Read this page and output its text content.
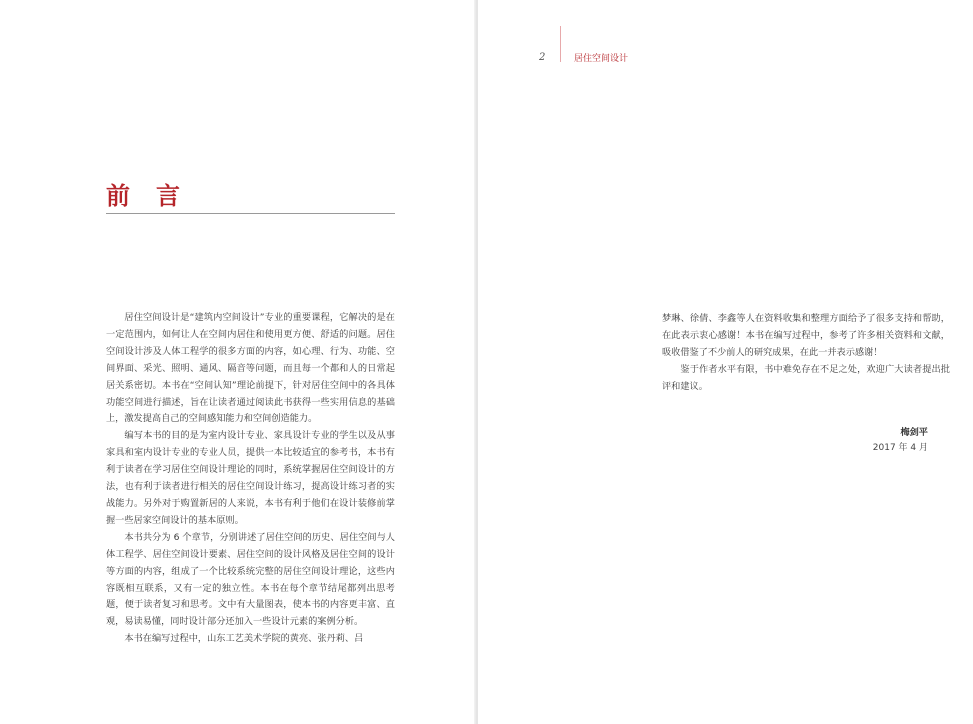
前 言

居住空间设计是“建筑内空间设计”专业的重要课程，它解决的是在一定范围内，如何让人在空间内居住和使用更方便、舒适的问题。居住空间设计涉及人体工程学的很多方面的内容，如心理、行为、功能、空间界面、采光、照明、通风、隔音等问题，而且每一个都和人的日常起居关系密切。本书在“空间认知”理论前提下，针对居住空间中的各具体功能空间进行描述，旨在让读者通过阅读此书获得一些实用信息的基础上，激发提高自己的空间感知能力和空间创造能力。

编写本书的目的是为室内设计专业、家具设计专业的学生以及从事家具和室内设计专业的专业人员，提供一本比较适宜的参考书，本书有利于读者在学习居住空间设计理论的同时，系统掌握居住空间设计的方法，也有利于读者进行相关的居住空间设计练习，提高设计练习者的实战能力。另外对于购置新居的人来说，本书有利于他们在设计装修前掌握一些居家空间设计的基本原则。

本书共分为 6 个章节，分别讲述了居住空间的历史、居住空间与人体工程学、居住空间设计要素、居住空间的设计风格及居住空间的设计等方面的内容，组成了一个比较系统完整的居住空间设计理论，这些内容既相互联系，又有一定的独立性。本书在每个章节结尾都列出思考题，便于读者复习和思考。文中有大量图表，使本书的内容更丰富、直观，易读易懂，同时设计部分还加入一些设计元素的案例分析。

本书在编写过程中，山东工艺美术学院的黄亮、张丹莉、吕

2	居住空间设计

梦琳、徐倩、李鑫等人在资料收集和整理方面给予了很多支持和帮助，在此表示衷心感谢！本书在编写过程中，参考了许多相关资料和文献，吸收借鉴了不少前人的研究成果，在此一并表示感谢！

鉴于作者水平有限，书中难免存在不足之处，欢迎广大读者提出批评和建议。

梅剑平
2017 年 4 月
